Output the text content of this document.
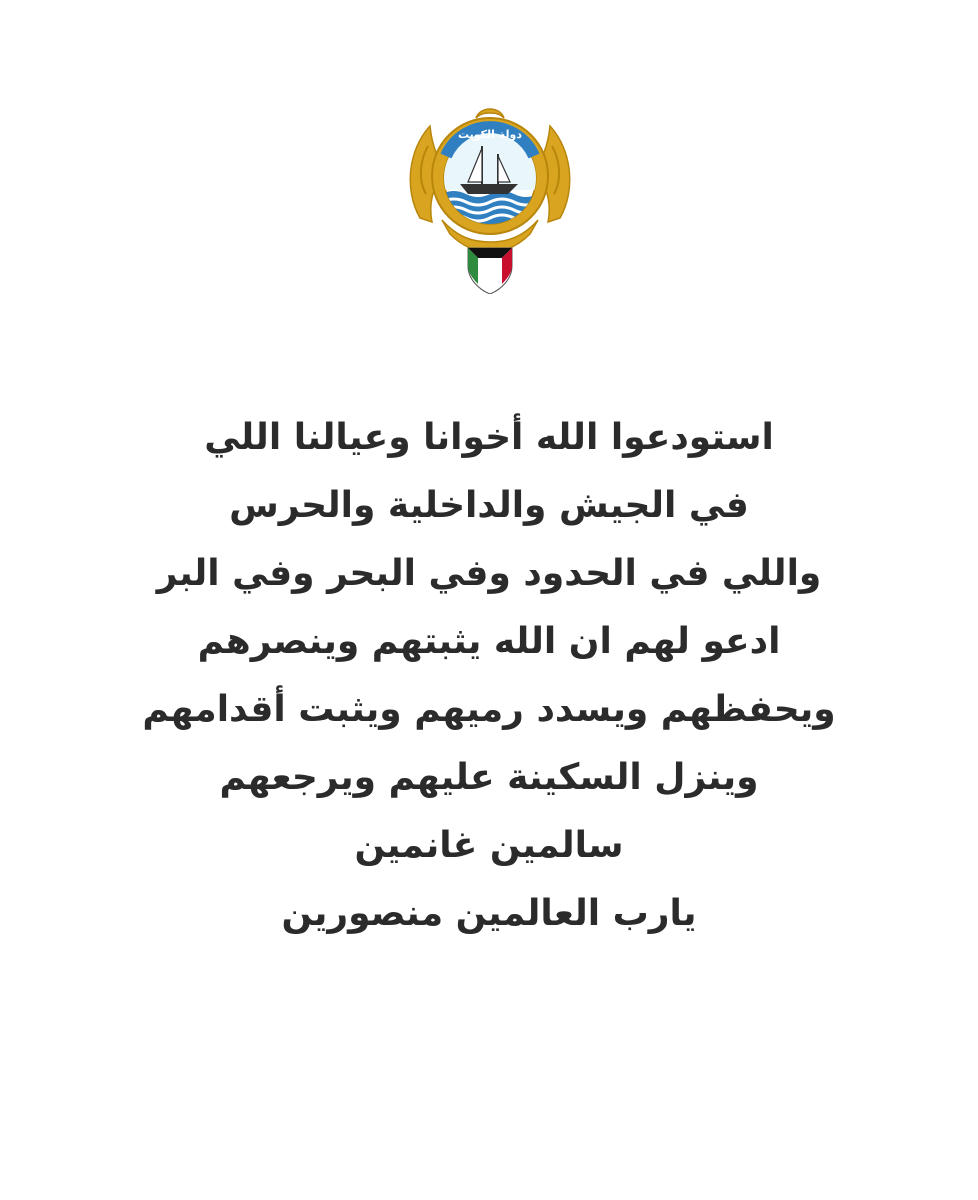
دولة الكويت
استودعوا الله أخوانا وعيالنا اللي
في الجيش والداخلية والحرس
واللي في الحدود وفي البحر وفي البر
ادعو لهم ان الله يثبتهم وينصرهم
ويحفظهم ويسدد رميهم ويثبت أقدامهم
وينزل السكينة عليهم ويرجعهم
سالمين غانمين
يارب العالمين منصورين
